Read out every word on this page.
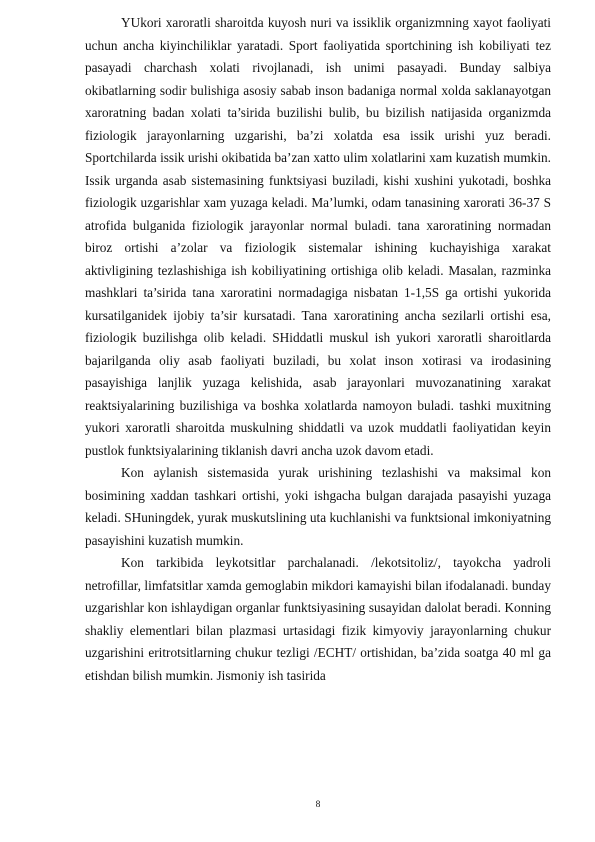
YUkori xaroratli sharoitda kuyosh nuri va issiklik organizmning xayot faoliyati uchun ancha kiyinchiliklar yaratadi. Sport faoliyatida sportchining ish kobiliyati tez pasayadi charchash xolati rivojlanadi, ish unimi pasayadi. Bunday salbiya okibatlarning sodir bulishiga asosiy sabab inson badaniga normal xolda saklanayotgan xaroratning badan xolati ta’sirida buzilishi bulib, bu bizilish natijasida organizmda fiziologik jarayonlarning uzgarishi, ba’zi xolatda esa issik urishi yuz beradi. Sportchilarda issik urishi okibatida ba’zan xatto ulim xolatlarini xam kuzatish mumkin. Issik urganda asab sistemasining funktsiyasi buziladi, kishi xushini yukotadi, boshka fiziologik uzgarishlar xam yuzaga keladi. Ma’lumki, odam tanasining xarorati 36-37 S atrofida bulganida fiziologik jarayonlar normal buladi. tana xaroratining normadan biroz ortishi a’zolar va fiziologik sistemalar ishining kuchayishiga xarakat aktivligining tezlashishiga ish kobiliyatining ortishiga olib keladi. Masalan, razminka mashklari ta’sirida tana xaroratini normadagiga nisbatan 1-1,5S ga ortishi yukorida kursatilganidek ijobiy ta’sir kursatadi. Tana xaroratining ancha sezilarli ortishi esa, fiziologik buzilishga olib keladi. SHiddatli muskul ish yukori xaroratli sharoitlarda bajarilganda oliy asab faoliyati buziladi, bu xolat inson xotirasi va irodasining pasayishiga lanjlik yuzaga kelishida, asab jarayonlari muvozanatining xarakat reaktsiyalarining buzilishiga va boshka xolatlarda namoyon buladi. tashki muxitning yukori xaroratli sharoitda muskulning shiddatli va uzok muddatli faoliyatidan keyin pustlok funktsiyalarining tiklanish davri ancha uzok davom etadi.

Kon aylanish sistemasida yurak urishining tezlashishi va maksimal kon bosimining xaddan tashkari ortishi, yoki ishgacha bulgan darajada pasayishi yuzaga keladi. SHuningdek, yurak muskutslining uta kuchlanishi va funktsional imkoniyatning pasayishini kuzatish mumkin.

Kon tarkibida leykotsitlar parchalanadi. /lekotsitoliz/, tayokcha yadroli netrofillar, limfatsitlar xamda gemoglabin mikdori kamayishi bilan ifodalanadi. bunday uzgarishlar kon ishlaydigan organlar funktsiyasining susayidan dalolat beradi. Konning shakliy elementlari bilan plazmasi urtasidagi fizik kimyoviy jarayonlarning chukur uzgarishini eritrotsitlarning chukur tezligi /ECHT/ ortishidan, ba’zida soatga 40 ml ga etishdan bilish mumkin. Jismoniy ish tasirida

8
